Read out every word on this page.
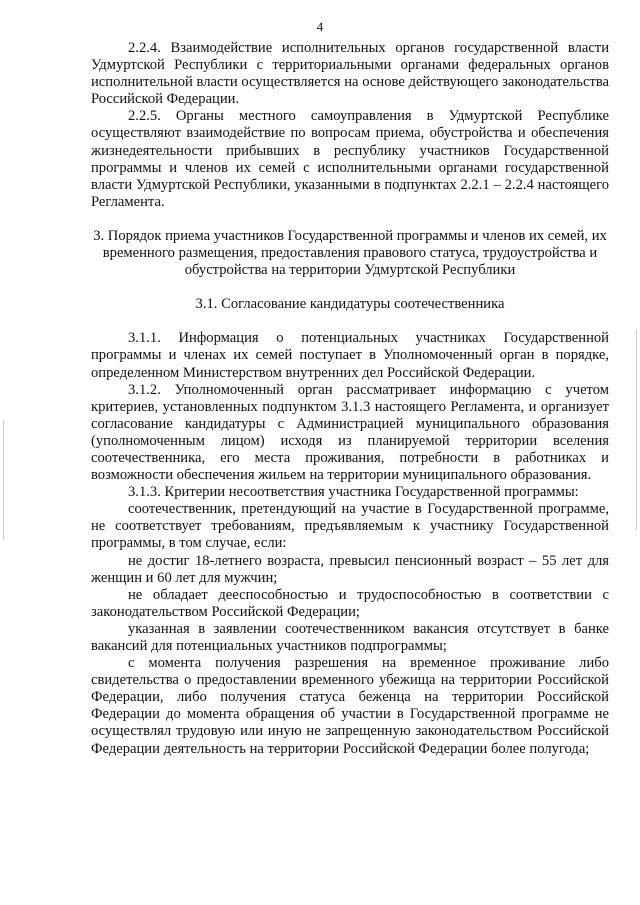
4

2.2.4. Взаимодействие исполнительных органов государственной власти Удмуртской Республики с территориальными органами федеральных органов исполнительной власти осуществляется на основе действующего законодательства Российской Федерации.

2.2.5. Органы местного самоуправления в Удмуртской Республике осуществляют взаимодействие по вопросам приема, обустройства и обеспечения жизнедеятельности прибывших в республику участников Государственной программы и членов их семей с исполнительными органами государственной власти Удмуртской Республики, указанными в подпунктах 2.2.1 – 2.2.4 настоящего Регламента.

3. Порядок приема участников Государственной программы и членов их семей, их временного размещения, предоставления правового статуса, трудоустройства и обустройства на территории Удмуртской Республики

3.1. Согласование кандидатуры соотечественника

3.1.1. Информация о потенциальных участниках Государственной программы и членах их семей поступает в Уполномоченный орган в порядке, определенном Министерством внутренних дел Российской Федерации.

3.1.2. Уполномоченный орган рассматривает информацию с учетом критериев, установленных подпунктом 3.1.3 настоящего Регламента, и организует согласование кандидатуры с Администрацией муниципального образования (уполномоченным лицом) исходя из планируемой территории вселения соотечественника, его места проживания, потребности в работниках и возможности обеспечения жильем на территории муниципального образования.

3.1.3. Критерии несоответствия участника Государственной программы:

соотечественник, претендующий на участие в Государственной программе, не соответствует требованиям, предъявляемым к участнику Государственной программы, в том случае, если:

не достиг 18-летнего возраста, превысил пенсионный возраст – 55 лет для женщин и 60 лет для мужчин;

не обладает дееспособностью и трудоспособностью в соответствии с законодательством Российской Федерации;

указанная в заявлении соотечественником вакансия отсутствует в банке вакансий для потенциальных участников подпрограммы;

с момента получения разрешения на временное проживание либо свидетельства о предоставлении временного убежища на территории Российской Федерации, либо получения статуса беженца на территории Российской Федерации до момента обращения об участии в Государственной программе не осуществлял трудовую или иную не запрещенную законодательством Российской Федерации деятельность на территории Российской Федерации более полугода;
